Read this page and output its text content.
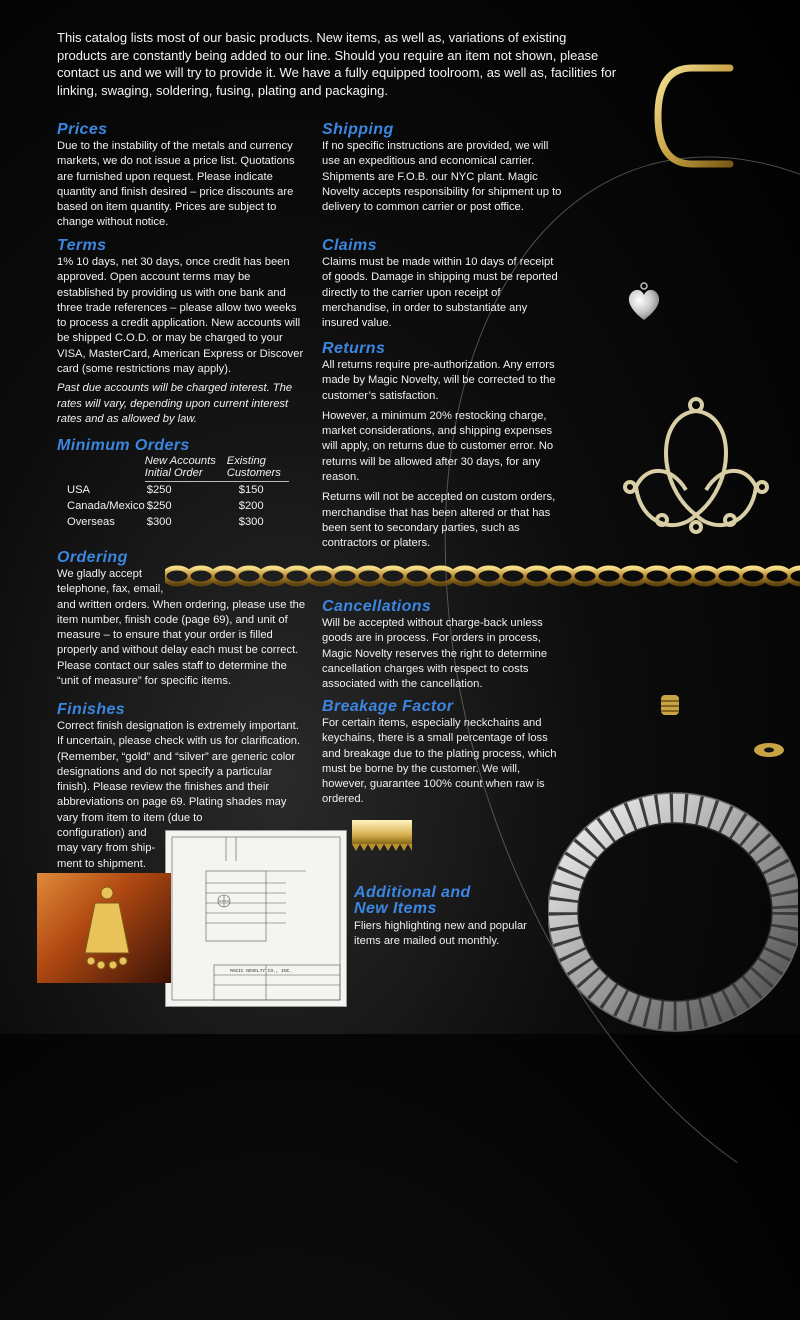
This catalog lists most of our basic products. New items, as well as, variations of existing products are constantly being added to our line. Should you require an item not shown, please contact us and we will try to provide it. We have a fully equipped toolroom, as well as, facilities for linking, swaging, soldering, fusing, plating and packaging.

Prices

Due to the instability of the metals and currency markets, we do not issue a price list. Quotations are furnished upon request. Please indicate quantity and finish desired – price discounts are based on item quantity. Prices are subject to change without notice.

Terms

1% 10 days, net 30 days, once credit has been approved. Open account terms may be established by providing us with one bank and three trade references – please allow two weeks to process a credit application. New accounts will be shipped C.O.D. or may be charged to your VISA, MasterCard, American Express or Discover card (some restrictions may apply).

Past due accounts will be charged interest. The rates will vary, depending upon current interest rates and as allowed by law.

Minimum Orders
	New Accounts Initial Order	Existing Customers
USA	$250	$150
Canada/Mexico	$250	$200
Overseas	$300	$300
Ordering

We gladly accept

telephone, fax, email,

and written orders. When ordering, please use the item number, finish code (page 69), and unit of measure – to ensure that your order is filled properly and without delay each must be correct. Please contact our sales staff to determine the “unit of measure” for specific items.

Finishes

Correct finish designation is extremely important. If uncertain, please check with us for clarification. (Remember, “gold” and “silver” are generic color designations and do not specify a particular finish). Please review the finishes and their abbreviations on page 69. Plating shades may vary from item to item (due to

configuration) and

may vary from ship-

ment to shipment.

Shipping

If no specific instructions are provided, we will use an expeditious and economical carrier. Shipments are F.O.B. our NYC plant. Magic Novelty accepts responsibility for shipment up to delivery to common carrier or post office.

Claims

Claims must be made within 10 days of receipt of goods. Damage in shipping must be reported directly to the carrier upon receipt of merchandise, in order to substantiate any insured value.

Returns

All returns require pre-authorization. Any errors made by Magic Novelty, will be corrected to the customer’s satisfaction.

However, a minimum 20% restocking charge, market considerations, and shipping expenses will apply, on returns due to customer error. No returns will be allowed after 30 days, for any reason.

Returns will not be accepted on custom orders, merchandise that has been altered or that has been sent to secondary parties, such as contractors or platers.

Cancellations

Will be accepted without charge-back unless goods are in process. For orders in process, Magic Novelty reserves the right to determine cancellation charges with respect to costs associated with the cancellation.

Breakage Factor

For certain items, especially neckchains and keychains, there is a small percentage of loss and breakage due to the plating process, which must be borne by the customer. We will, however, guarantee 100% count when raw is ordered.

Additional and
New Items

Fliers highlighting new and popular items are mailed out monthly.

MAGIC NOVELTY CO., INC.
